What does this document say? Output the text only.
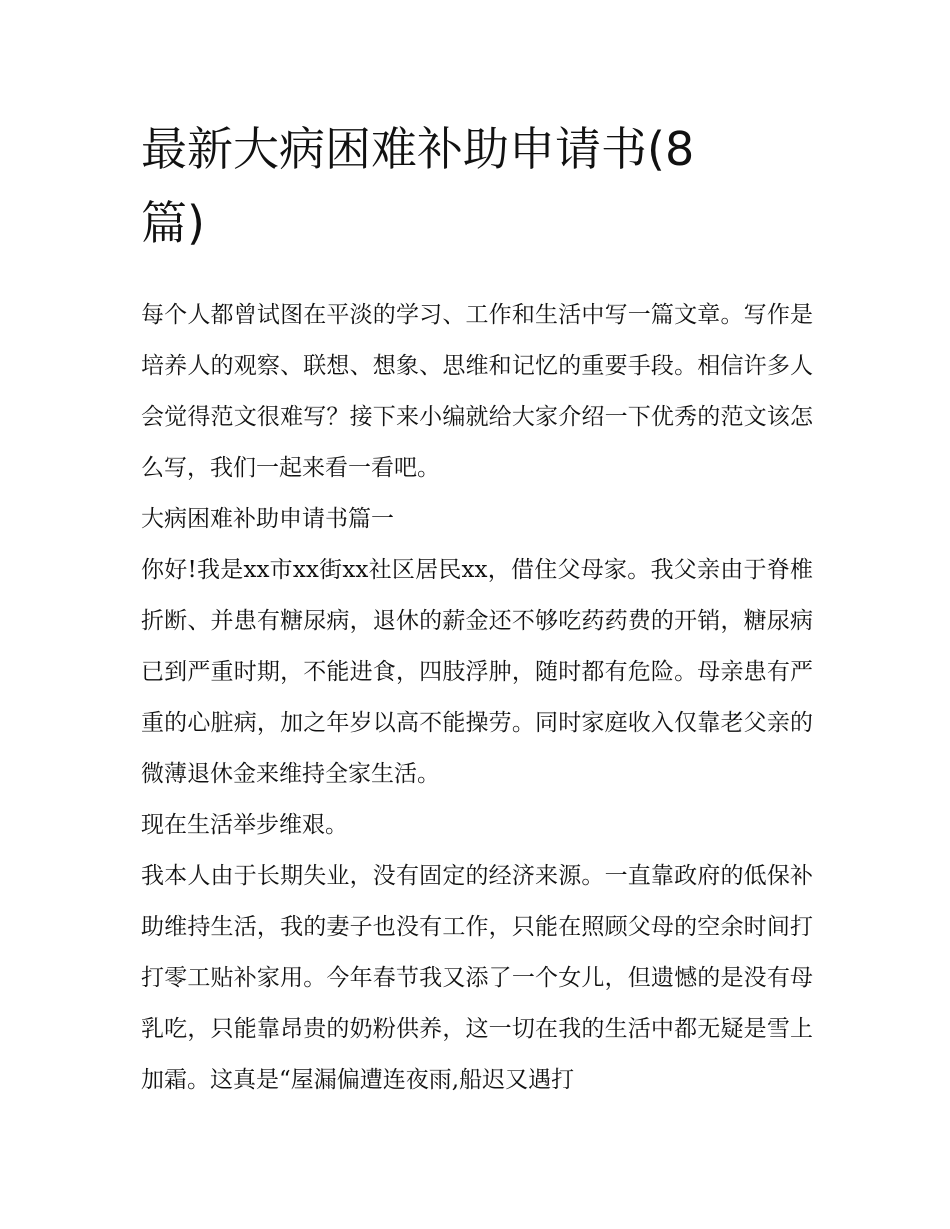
最新大病困难补助申请书(8篇)

每个人都曾试图在平淡的学习、工作和生活中写一篇文章。写作是培养人的观察、联想、想象、思维和记忆的重要手段。相信许多人会觉得范文很难写？接下来小编就给大家介绍一下优秀的范文该怎么写，我们一起来看一看吧。

大病困难补助申请书篇一

你好!我是xx市xx街xx社区居民xx，借住父母家。我父亲由于脊椎折断、并患有糖尿病，退休的薪金还不够吃药药费的开销，糖尿病已到严重时期，不能进食，四肢浮肿，随时都有危险。母亲患有严重的心脏病，加之年岁以高不能操劳。同时家庭收入仅靠老父亲的微薄退休金来维持全家生活。

现在生活举步维艰。

我本人由于长期失业，没有固定的经济来源。一直靠政府的低保补助维持生活，我的妻子也没有工作，只能在照顾父母的空余时间打打零工贴补家用。今年春节我又添了一个女儿，但遗憾的是没有母乳吃，只能靠昂贵的奶粉供养，这一切在我的生活中都无疑是雪上加霜。这真是“屋漏偏遭连夜雨,船迟又遇打
